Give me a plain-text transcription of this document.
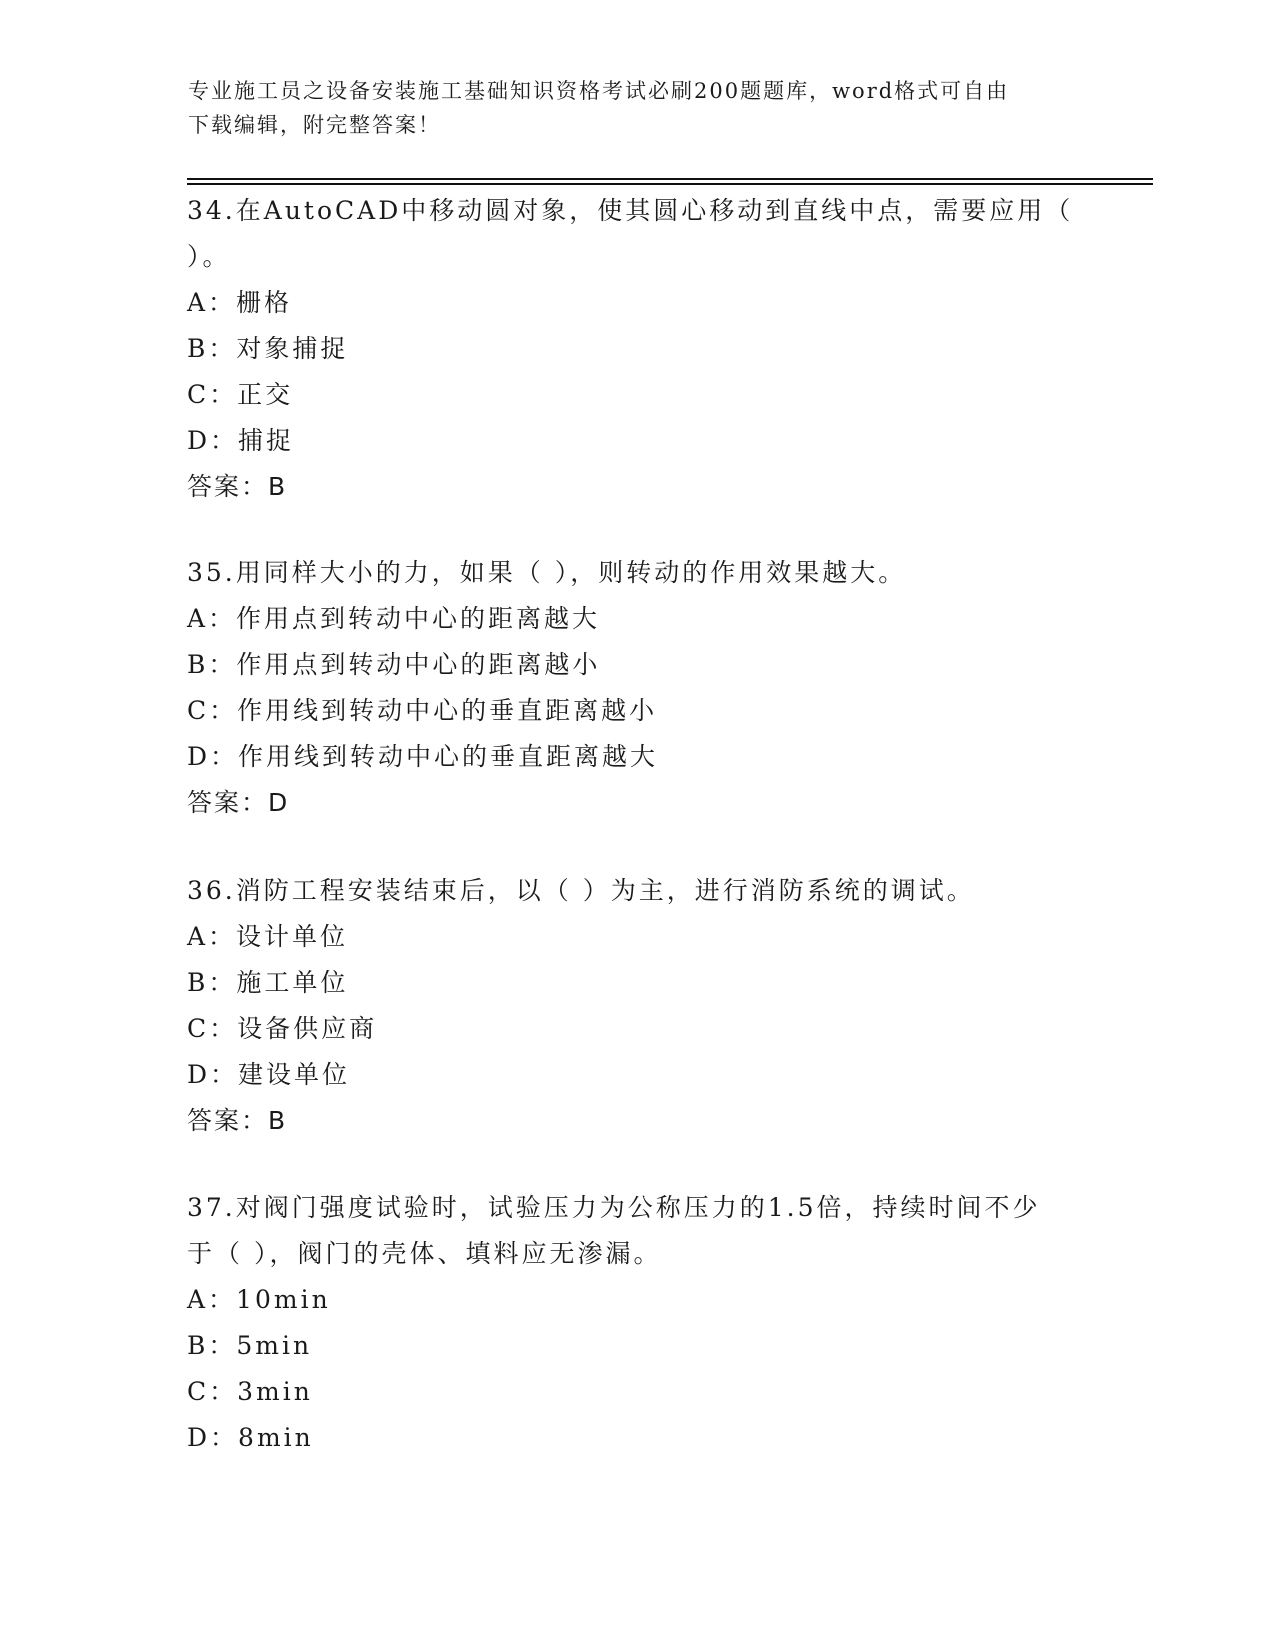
专业施工员之设备安装施工基础知识资格考试必刷200题题库，word格式可自由
下载编辑，附完整答案！
34.在AutoCAD中移动圆对象，使其圆心移动到直线中点，需要应用（
）。
A：栅格
B：对象捕捉
C：正交
D：捕捉
答案：B
35.用同样大小的力，如果（ ），则转动的作用效果越大。
A：作用点到转动中心的距离越大
B：作用点到转动中心的距离越小
C：作用线到转动中心的垂直距离越小
D：作用线到转动中心的垂直距离越大
答案：D
36.消防工程安装结束后，以（ ）为主，进行消防系统的调试。
A：设计单位
B：施工单位
C：设备供应商
D：建设单位
答案：B
37.对阀门强度试验时，试验压力为公称压力的1.5倍，持续时间不少
于（ ），阀门的壳体、填料应无渗漏。
A：10min
B：5min
C：3min
D：8min
